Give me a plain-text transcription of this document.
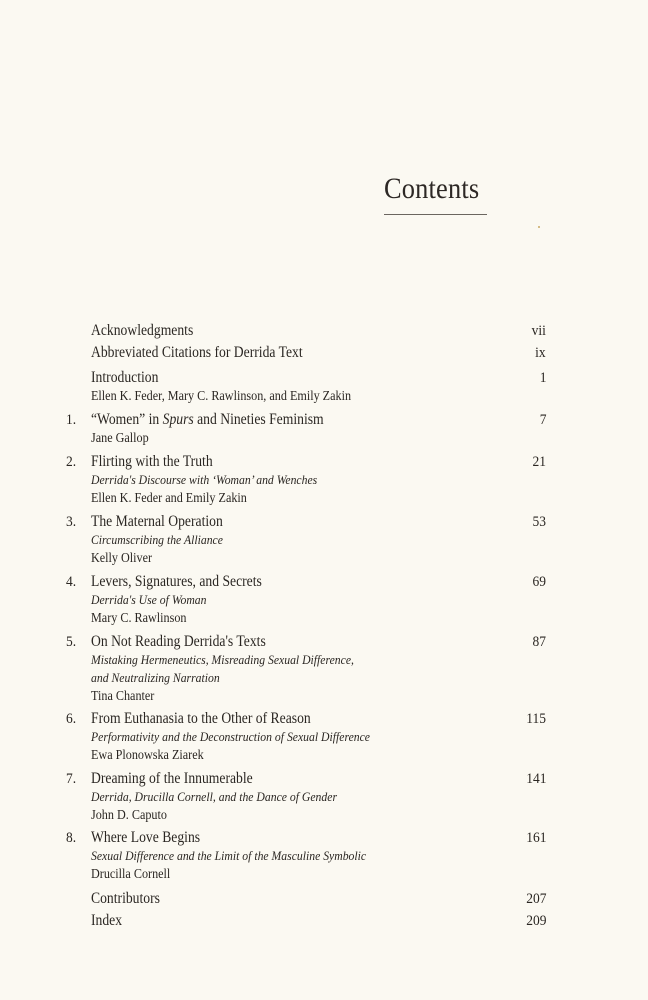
Contents
Acknowledgments	vii
Abbreviated Citations for Derrida Text	ix
Introduction	1
Ellen K. Feder, Mary C. Rawlinson, and Emily Zakin
1. “Women” in Spurs and Nineties Feminism	7
Jane Gallop
2. Flirting with the Truth	21
Derrida's Discourse with ‘Woman’ and Wenches
Ellen K. Feder and Emily Zakin
3. The Maternal Operation	53
Circumscribing the Alliance
Kelly Oliver
4. Levers, Signatures, and Secrets	69
Derrida's Use of Woman
Mary C. Rawlinson
5. On Not Reading Derrida's Texts	87
Mistaking Hermeneutics, Misreading Sexual Difference,
and Neutralizing Narration
Tina Chanter
6. From Euthanasia to the Other of Reason	115
Performativity and the Deconstruction of Sexual Difference
Ewa Plonowska Ziarek
7. Dreaming of the Innumerable	141
Derrida, Drucilla Cornell, and the Dance of Gender
John D. Caputo
8. Where Love Begins	161
Sexual Difference and the Limit of the Masculine Symbolic
Drucilla Cornell
Contributors	207
Index	209
